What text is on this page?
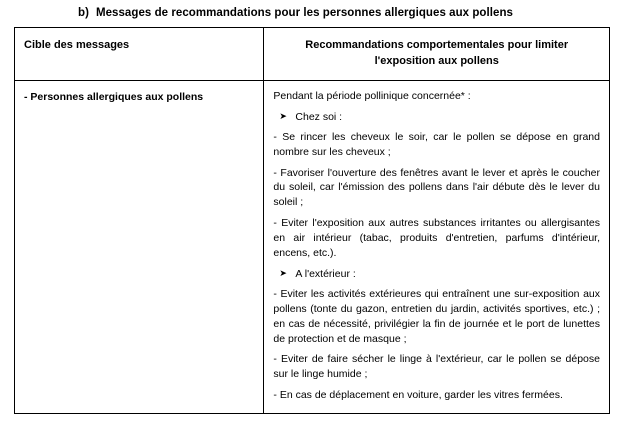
b) Messages de recommandations pour les personnes allergiques aux pollens
Cible des messages	Recommandations comportementales pour limiter
l'exposition aux pollens

- Personnes allergiques aux pollens	Pendant la période pollinique concernée* :

➤ Chez soi :

- Se rincer les cheveux le soir, car le pollen se dépose en grand nombre sur les cheveux ;

- Favoriser l'ouverture des fenêtres avant le lever et après le coucher du soleil, car l'émission des pollens dans l'air débute dès le lever du soleil ;

- Eviter l'exposition aux autres substances irritantes ou allergisantes en air intérieur (tabac, produits d'entretien, parfums d'intérieur, encens, etc.).

➤ A l'extérieur :

- Eviter les activités extérieures qui entraînent une sur-exposition aux pollens (tonte du gazon, entretien du jardin, activités sportives, etc.) ; en cas de nécessité, privilégier la fin de journée et le port de lunettes de protection et de masque ;

- Eviter de faire sécher le linge à l'extérieur, car le pollen se dépose sur le linge humide ;

- En cas de déplacement en voiture, garder les vitres fermées.
